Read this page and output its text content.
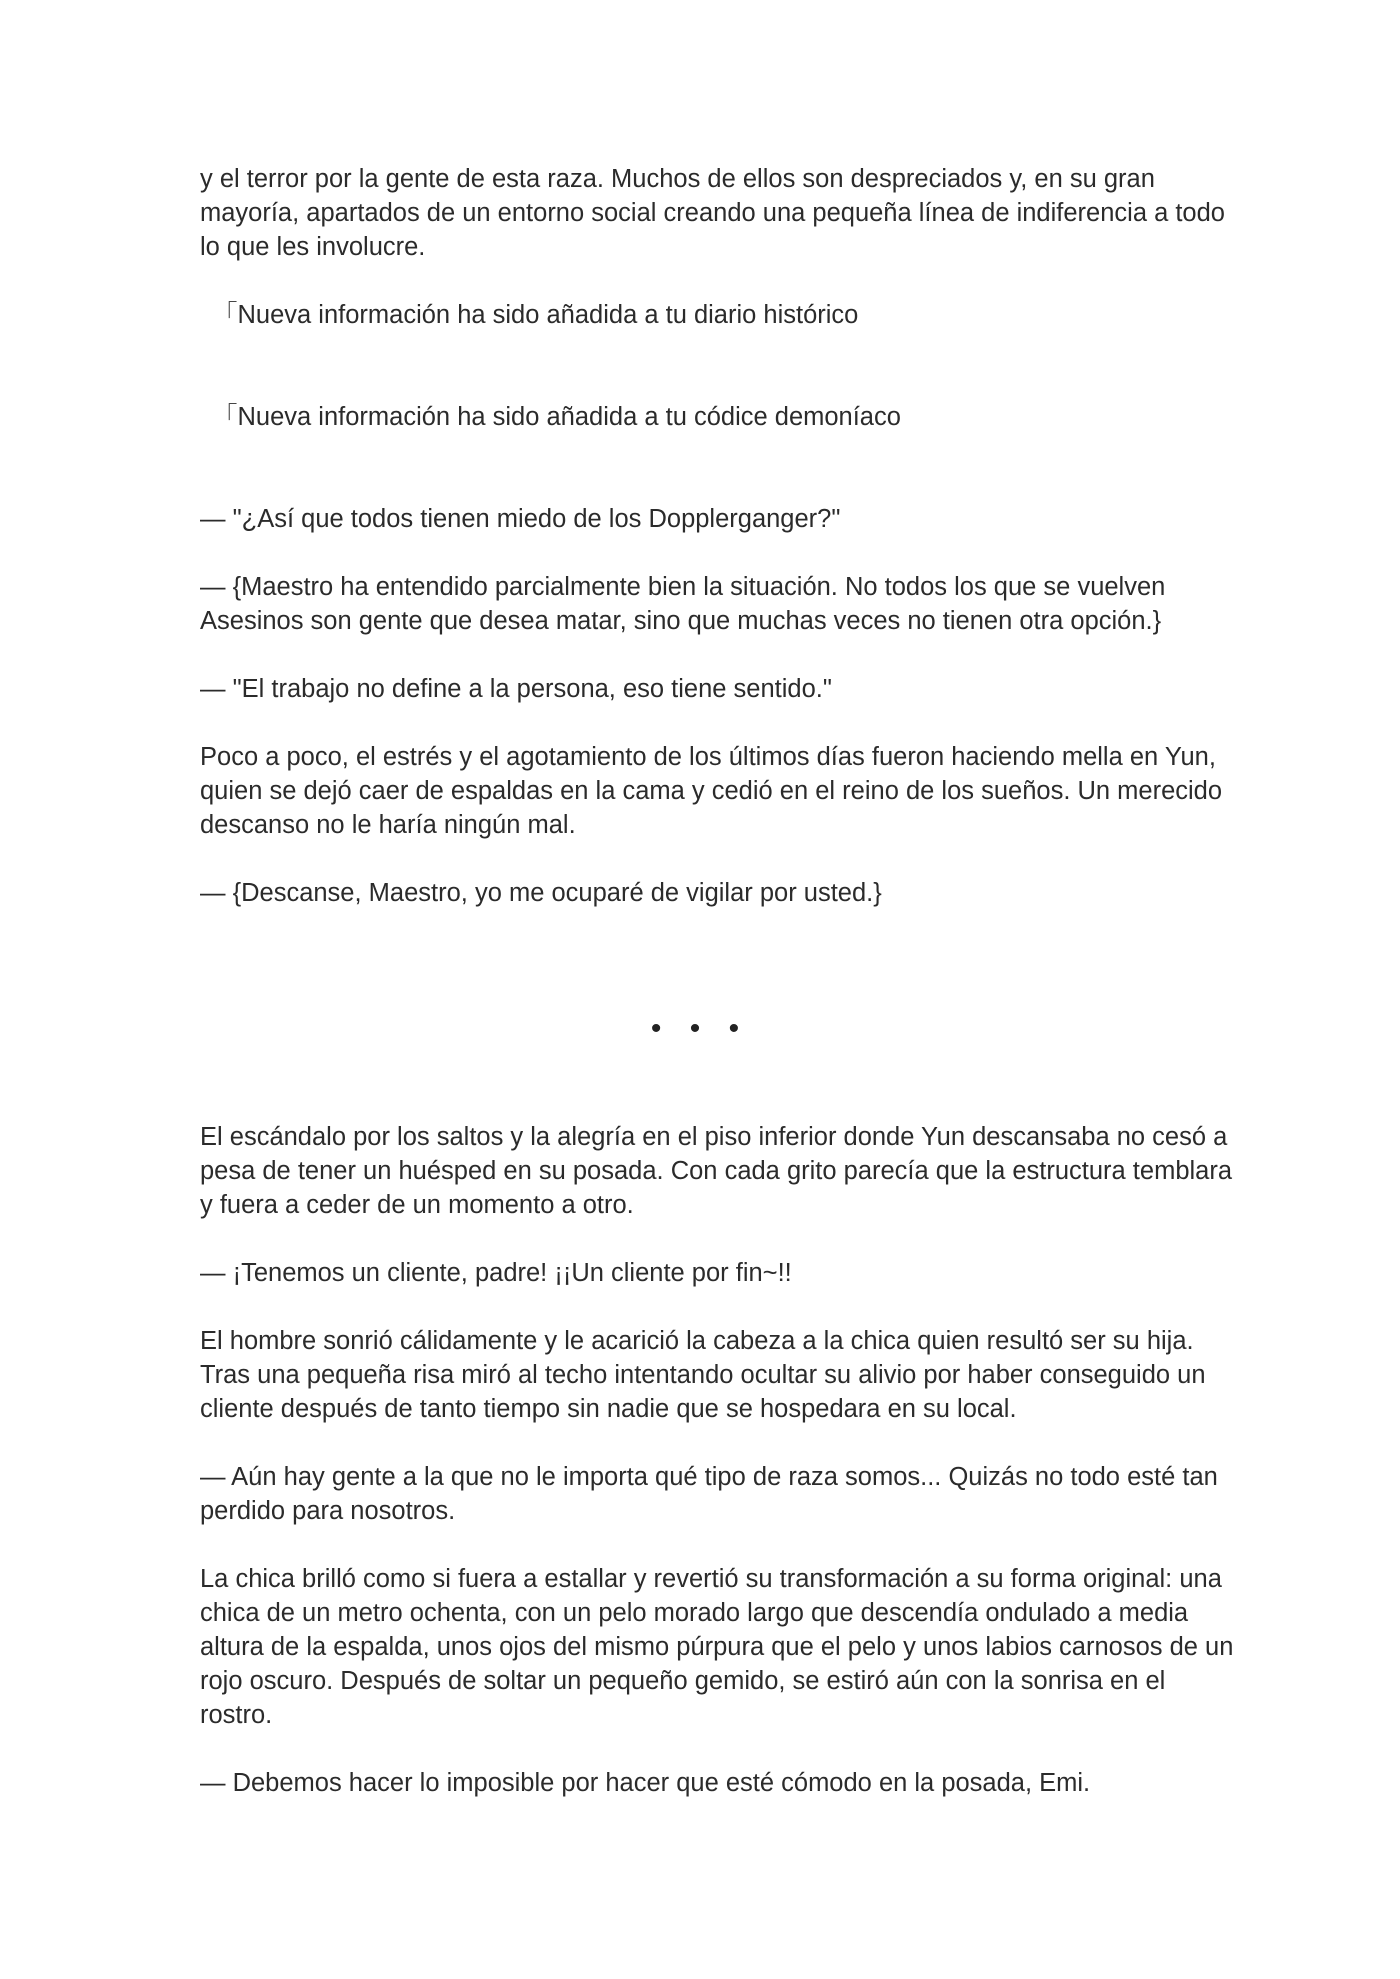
y el terror por la gente de esta raza. Muchos de ellos son despreciados y, en su gran mayoría, apartados de un entorno social creando una pequeña línea de indiferencia a todo lo que les involucre.

「Nueva información ha sido añadida a tu diario histórico

「Nueva información ha sido añadida a tu códice demoníaco

— "¿Así que todos tienen miedo de los Dopplerganger?"

— {Maestro ha entendido parcialmente bien la situación. No todos los que se vuelven Asesinos son gente que desea matar, sino que muchas veces no tienen otra opción.}

— "El trabajo no define a la persona, eso tiene sentido."

Poco a poco, el estrés y el agotamiento de los últimos días fueron haciendo mella en Yun, quien se dejó caer de espaldas en la cama y cedió en el reino de los sueños. Un merecido descanso no le haría ningún mal.

— {Descanse, Maestro, yo me ocuparé de vigilar por usted.}

• • •

El escándalo por los saltos y la alegría en el piso inferior donde Yun descansaba no cesó a pesa de tener un huésped en su posada. Con cada grito parecía que la estructura temblara y fuera a ceder de un momento a otro.

— ¡Tenemos un cliente, padre! ¡¡Un cliente por fin~!!

El hombre sonrió cálidamente y le acarició la cabeza a la chica quien resultó ser su hija. Tras una pequeña risa miró al techo intentando ocultar su alivio por haber conseguido un cliente después de tanto tiempo sin nadie que se hospedara en su local.

— Aún hay gente a la que no le importa qué tipo de raza somos... Quizás no todo esté tan perdido para nosotros.

La chica brilló como si fuera a estallar y revertió su transformación a su forma original: una chica de un metro ochenta, con un pelo morado largo que descendía ondulado a media altura de la espalda, unos ojos del mismo púrpura que el pelo y unos labios carnosos de un rojo oscuro. Después de soltar un pequeño gemido, se estiró aún con la sonrisa en el rostro.

— Debemos hacer lo imposible por hacer que esté cómodo en la posada, Emi.
